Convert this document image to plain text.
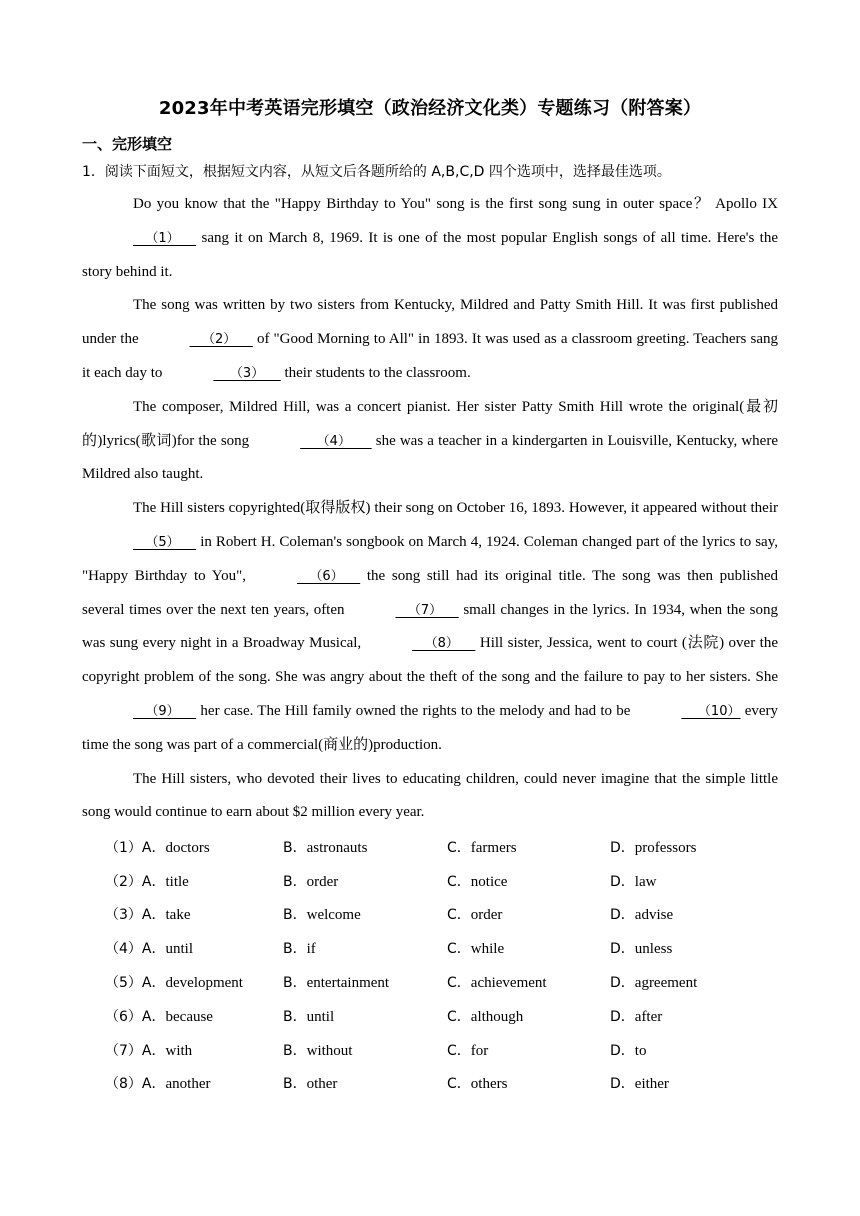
2023年中考英语完形填空（政治经济文化类）专题练习（附答案）
一、完形填空
1．阅读下面短文，根据短文内容，从短文后各题所给的 A,B,C,D 四个选项中，选择最佳选项。

Do you know that the "Happy Birthday to You" song is the first song sung in outer space？ Apollo IX   （1）     sang it on March 8, 1969. It is one of the most popular English songs of all time. Here's the story behind it.

The song was written by two sisters from Kentucky, Mildred and Patty Smith Hill. It was first published under the	（2）     of "Good Morning to All" in 1893. It was used as a classroom greeting. Teachers sang it each day to	（3）     their students to the classroom.

The composer, Mildred Hill, was a concert pianist. Her sister Patty Smith Hill wrote the original(最初的)lyrics(歌词)for the song	（4）      she was a teacher in a kindergarten in Louisville, Kentucky, where Mildred also taught.

The Hill sisters copyrighted(取得版权) their song on October 16, 1893. However, it appeared without their   （5）     in Robert H. Coleman's songbook on March 4, 1924. Coleman changed part of the lyrics to say, "Happy Birthday to You",	（6）     the song still had its original title. The song was then published several times over the next ten years, often	（7）     small changes in the lyrics. In 1934, when the song was sung every night in a Broadway Musical,	（8）     Hill sister, Jessica, went to court (法院) over the copyright problem of the song. She was angry about the theft of the song and the failure to pay to her sisters. She   （9）     her case. The Hill family owned the rights to the melody and had to be	（10） every time the song was part of a commercial(商业的)production.

The Hill sisters, who devoted their lives to educating children, could never imagine that the simple little song would continue to earn about $2 million every year.

（1）A．doctors	B．astronauts	C．farmers	D．professors
（2）A．title	B．order	C．notice	D．law
（3）A．take	B．welcome	C．order	D．advise
（4）A．until	B．if	C．while	D．unless
（5）A．development	B．entertainment	C．achievement	D．agreement
（6）A．because	B．until	C．although	D．after
（7）A．with	B．without	C．for	D．to
（8）A．another	B．other	C．others	D．either
